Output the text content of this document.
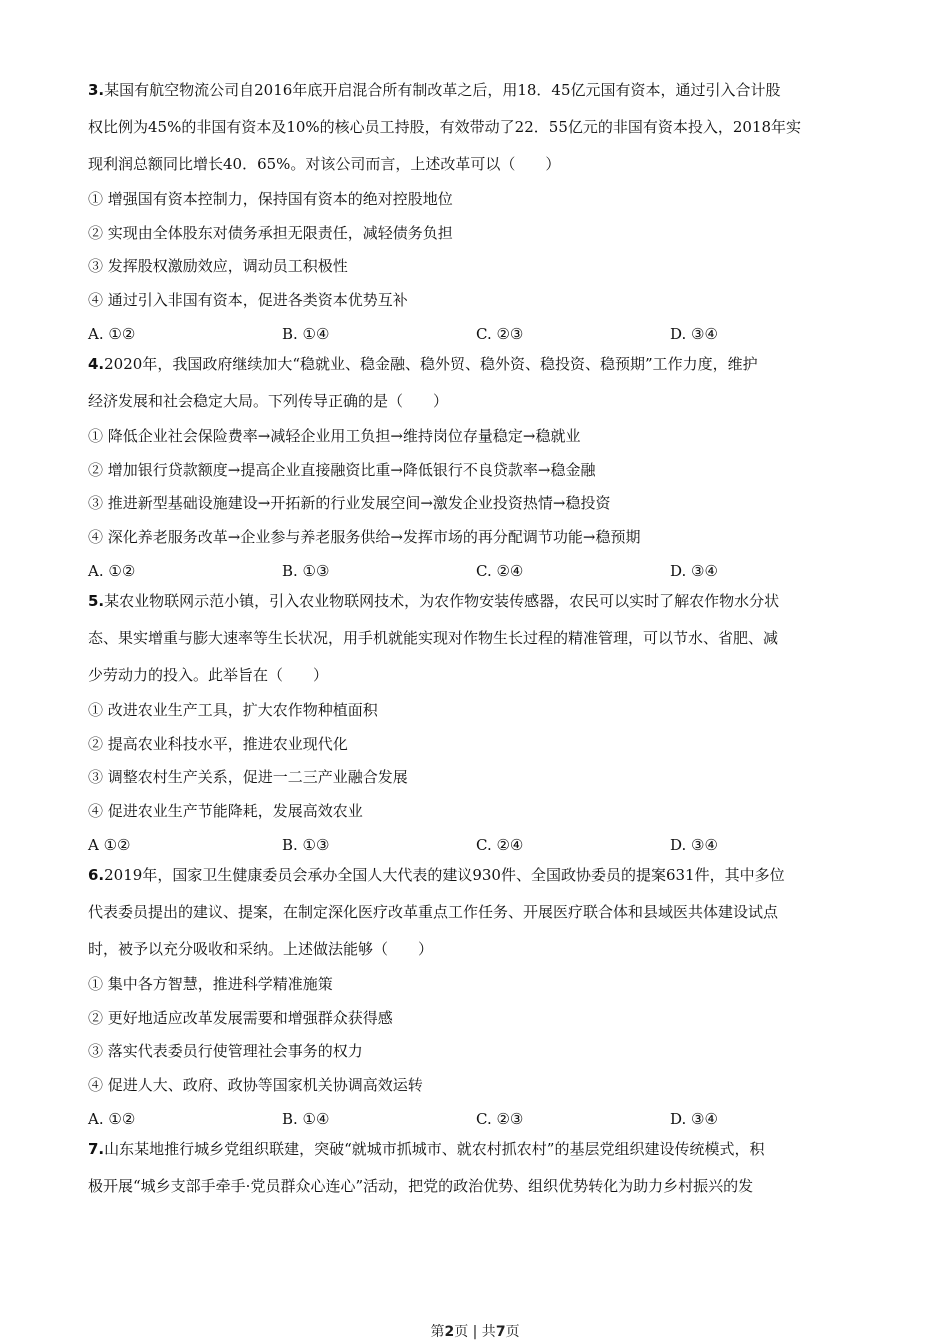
3.某国有航空物流公司自2016年底开启混合所有制改革之后，用18．45亿元国有资本，通过引入合计股
权比例为45%的非国有资本及10%的核心员工持股，有效带动了22．55亿元的非国有资本投入，2018年实
现利润总额同比增长40．65%。对该公司而言，上述改革可以（　　）
① 增强国有资本控制力，保持国有资本的绝对控股地位
② 实现由全体股东对债务承担无限责任，减轻债务负担
③ 发挥股权激励效应，调动员工积极性
④ 通过引入非国有资本，促进各类资本优势互补
A. ①②	B. ①④	C. ②③	D. ③④
4.2020年，我国政府继续加大“稳就业、稳金融、稳外贸、稳外资、稳投资、稳预期”工作力度，维护
经济发展和社会稳定大局。下列传导正确的是（　　）
① 降低企业社会保险费率→减轻企业用工负担→维持岗位存量稳定→稳就业
② 增加银行贷款额度→提高企业直接融资比重→降低银行不良贷款率→稳金融
③ 推进新型基础设施建设→开拓新的行业发展空间→激发企业投资热情→稳投资
④ 深化养老服务改革→企业参与养老服务供给→发挥市场的再分配调节功能→稳预期
A. ①②	B. ①③	C. ②④	D. ③④
5.某农业物联网示范小镇，引入农业物联网技术，为农作物安装传感器，农民可以实时了解农作物水分状
态、果实增重与膨大速率等生长状况，用手机就能实现对作物生长过程的精准管理，可以节水、省肥、减
少劳动力的投入。此举旨在（　　）
① 改进农业生产工具，扩大农作物种植面积
② 提高农业科技水平，推进农业现代化
③ 调整农村生产关系，促进一二三产业融合发展
④ 促进农业生产节能降耗，发展高效农业
A ①②	B. ①③	C. ②④	D. ③④
6.2019年，国家卫生健康委员会承办全国人大代表的建议930件、全国政协委员的提案631件，其中多位
代表委员提出的建议、提案，在制定深化医疗改革重点工作任务、开展医疗联合体和县域医共体建设试点
时，被予以充分吸收和采纳。上述做法能够（　　）
① 集中各方智慧，推进科学精准施策
② 更好地适应改革发展需要和增强群众获得感
③ 落实代表委员行使管理社会事务的权力
④ 促进人大、政府、政协等国家机关协调高效运转
A. ①②	B. ①④	C. ②③	D. ③④
7.山东某地推行城乡党组织联建，突破“就城市抓城市、就农村抓农村”的基层党组织建设传统模式，积
极开展“城乡支部手牵手·党员群众心连心”活动，把党的政治优势、组织优势转化为助力乡村振兴的发
第2页 | 共7页
